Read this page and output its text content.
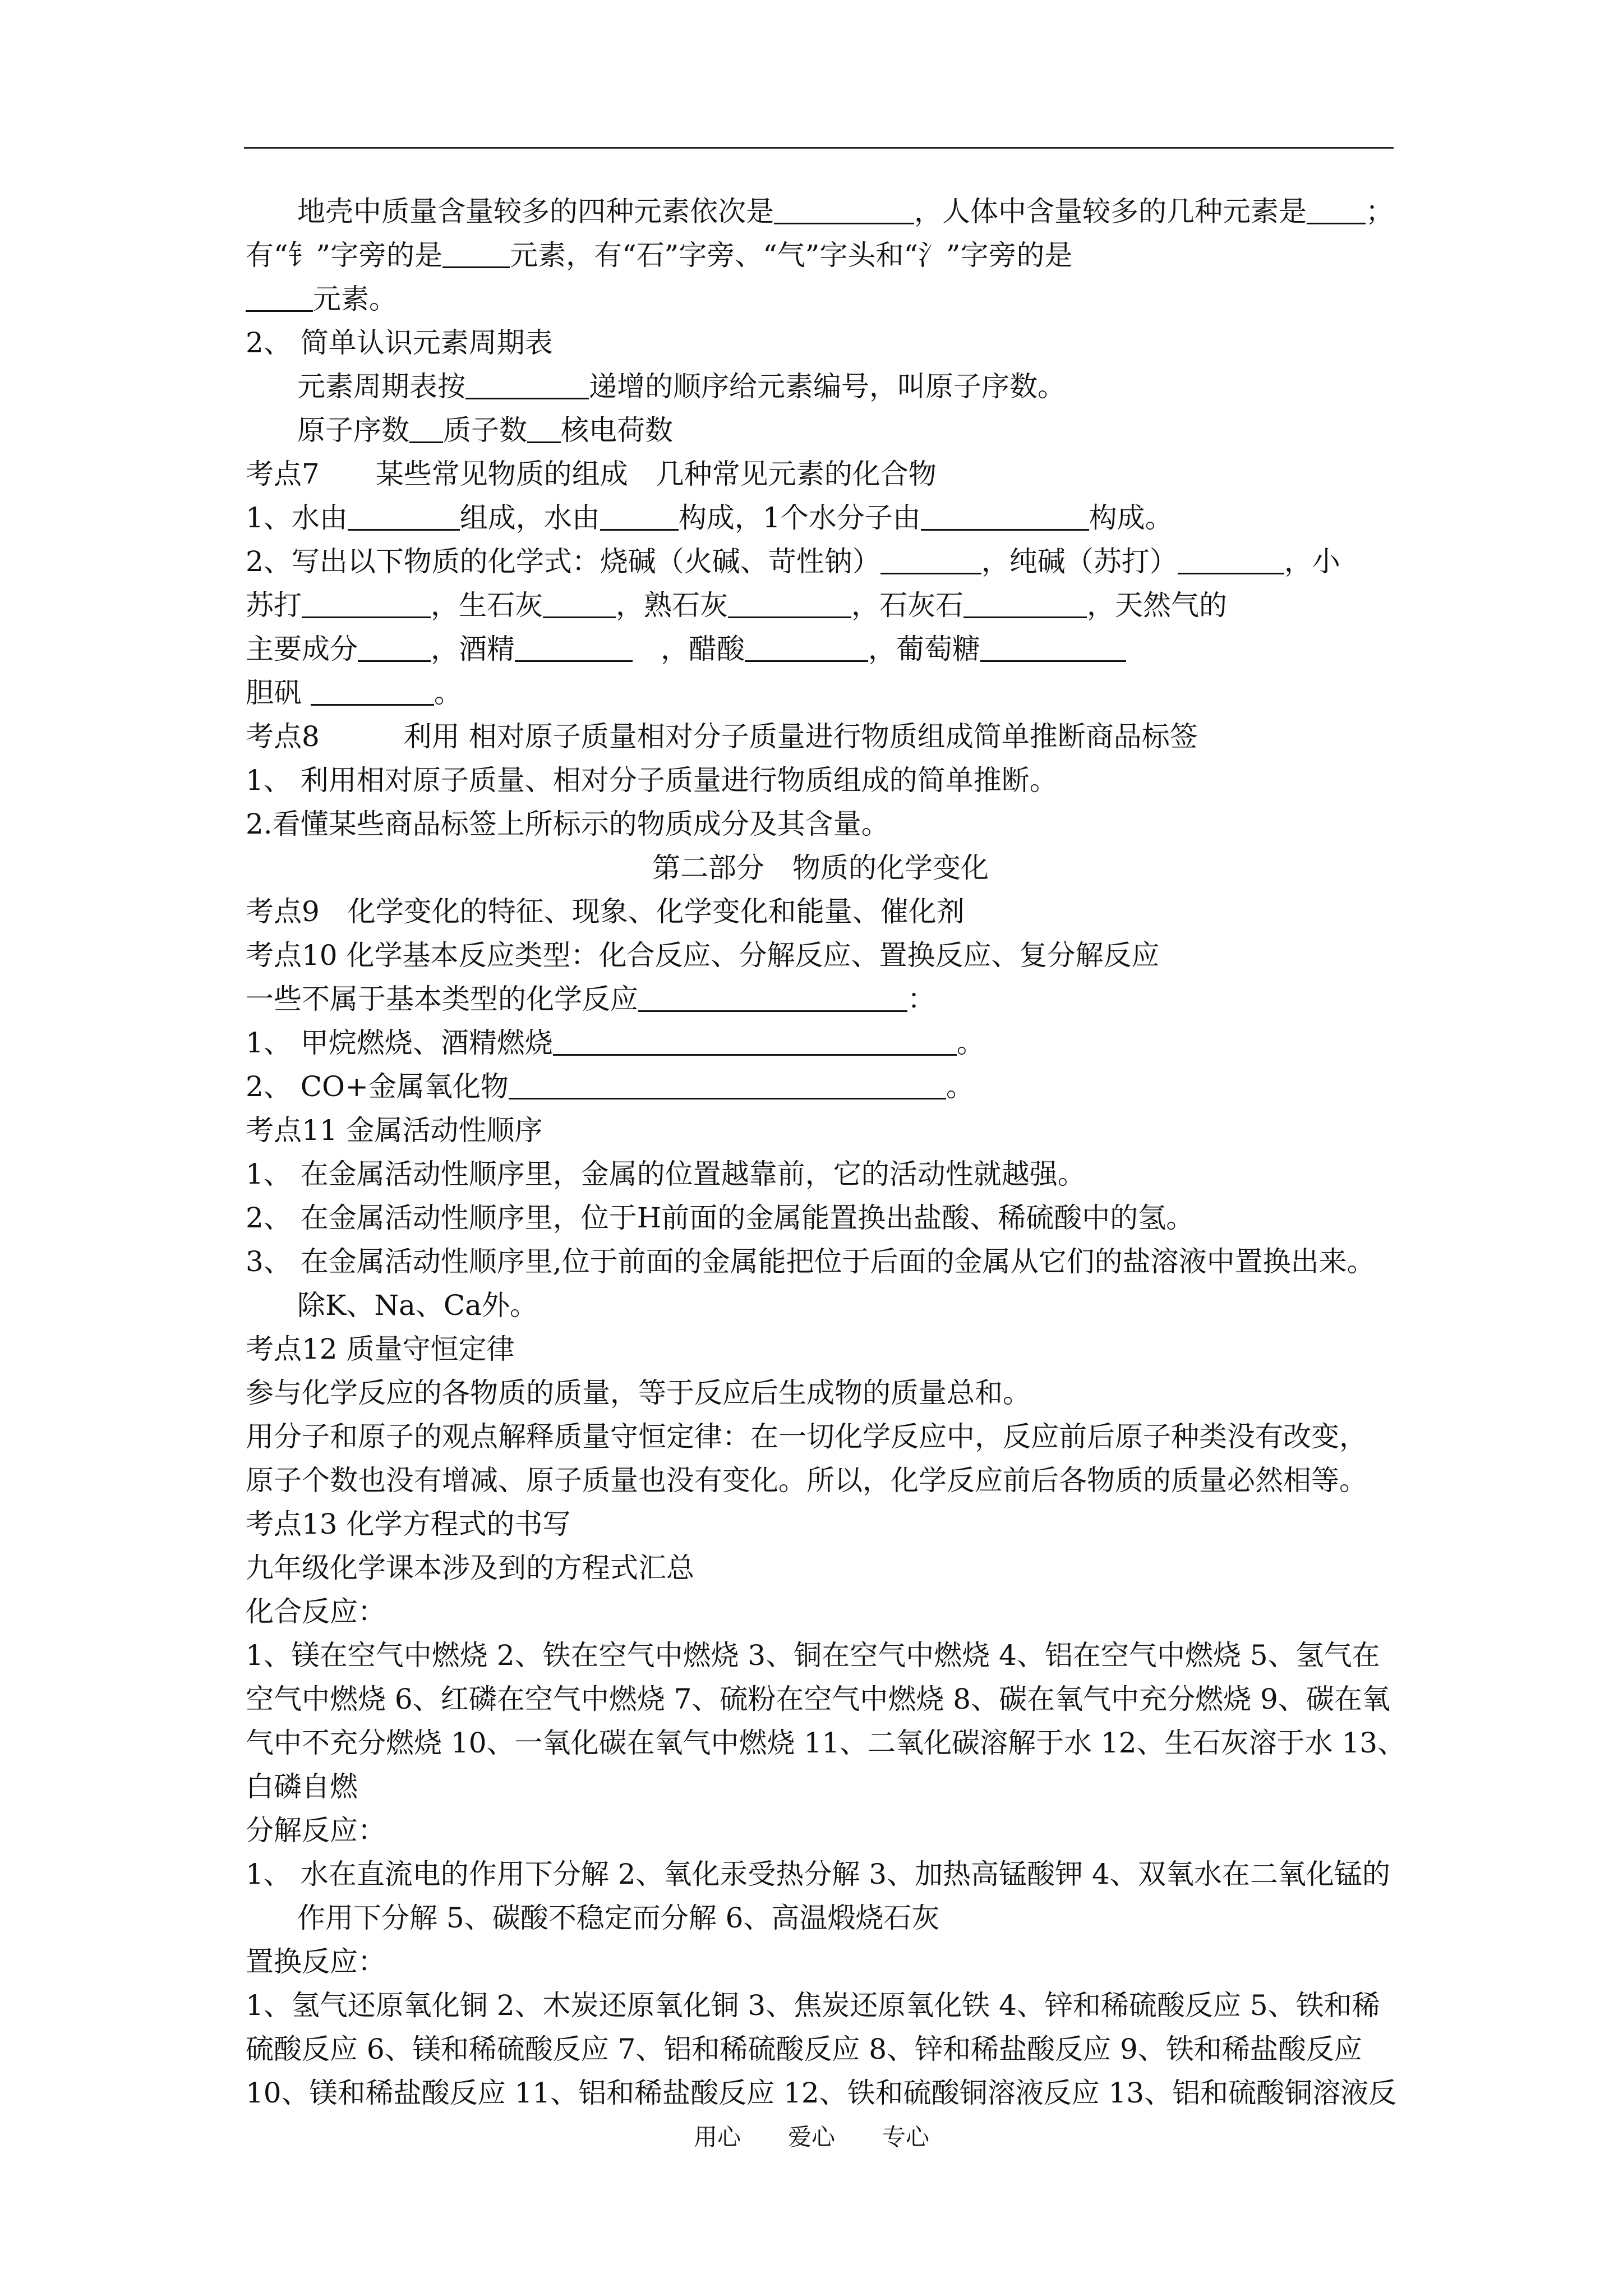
地壳中质量含量较多的四种元素依次是	，人体中含量较多的几种元素是 ；
有“钅”字旁的是 元素，有“石”字旁、“气”字头和“氵”字旁的是
元素。
2、 简单认识元素周期表
元素周期表按	递增的顺序给元素编号，叫原子序数。
原子序数 质子数 核电荷数
考点7　　某些常见物质的组成　几种常见元素的化合物
1、水由	组成，水由	构成，1个水分子由	构成。
2、写出以下物质的化学式：烧碱（火碱、苛性钠）	，纯碱（苏打）	，小
苏打	，生石灰	，熟石灰	，石灰石	，天然气的
主要成分	，酒精	　，醋酸	，葡萄糖
胆矾	。
考点8　　　利用 相对原子质量相对分子质量进行物质组成简单推断商品标签
1、 利用相对原子质量、相对分子质量进行物质组成的简单推断。
2.看懂某些商品标签上所标示的物质成分及其含量。
第二部分　物质的化学变化
考点9　化学变化的特征、现象、化学变化和能量、催化剂
考点10 化学基本反应类型：化合反应、分解反应、置换反应、复分解反应
一些不属于基本类型的化学反应	：
1、 甲烷燃烧、酒精燃烧	。
2、 CO+金属氧化物	。
考点11 金属活动性顺序
1、 在金属活动性顺序里，金属的位置越靠前，它的活动性就越强。
2、 在金属活动性顺序里，位于H前面的金属能置换出盐酸、稀硫酸中的氢。
3、 在金属活动性顺序里,位于前面的金属能把位于后面的金属从它们的盐溶液中置换出来。
除K、Na、Ca外。
考点12 质量守恒定律
参与化学反应的各物质的质量，等于反应后生成物的质量总和。
用分子和原子的观点解释质量守恒定律：在一切化学反应中，反应前后原子种类没有改变，
原子个数也没有增减、原子质量也没有变化。所以，化学反应前后各物质的质量必然相等。
考点13 化学方程式的书写
九年级化学课本涉及到的方程式汇总
化合反应：
1、镁在空气中燃烧 2、铁在空气中燃烧 3、铜在空气中燃烧 4、铝在空气中燃烧 5、氢气在
空气中燃烧 6、红磷在空气中燃烧 7、硫粉在空气中燃烧 8、碳在氧气中充分燃烧 9、碳在氧
气中不充分燃烧 10、一氧化碳在氧气中燃烧 11、二氧化碳溶解于水 12、生石灰溶于水 13、
白磷自燃
分解反应：
1、 水在直流电的作用下分解 2、氧化汞受热分解 3、加热高锰酸钾 4、双氧水在二氧化锰的
作用下分解 5、碳酸不稳定而分解 6、高温煅烧石灰
置换反应：
1、氢气还原氧化铜 2、木炭还原氧化铜 3、焦炭还原氧化铁 4、锌和稀硫酸反应 5、铁和稀
硫酸反应 6、镁和稀硫酸反应 7、铝和稀硫酸反应 8、锌和稀盐酸反应 9、铁和稀盐酸反应
10、镁和稀盐酸反应 11、铝和稀盐酸反应 12、铁和硫酸铜溶液反应 13、铝和硫酸铜溶液反
用心　　爱心　　专心
